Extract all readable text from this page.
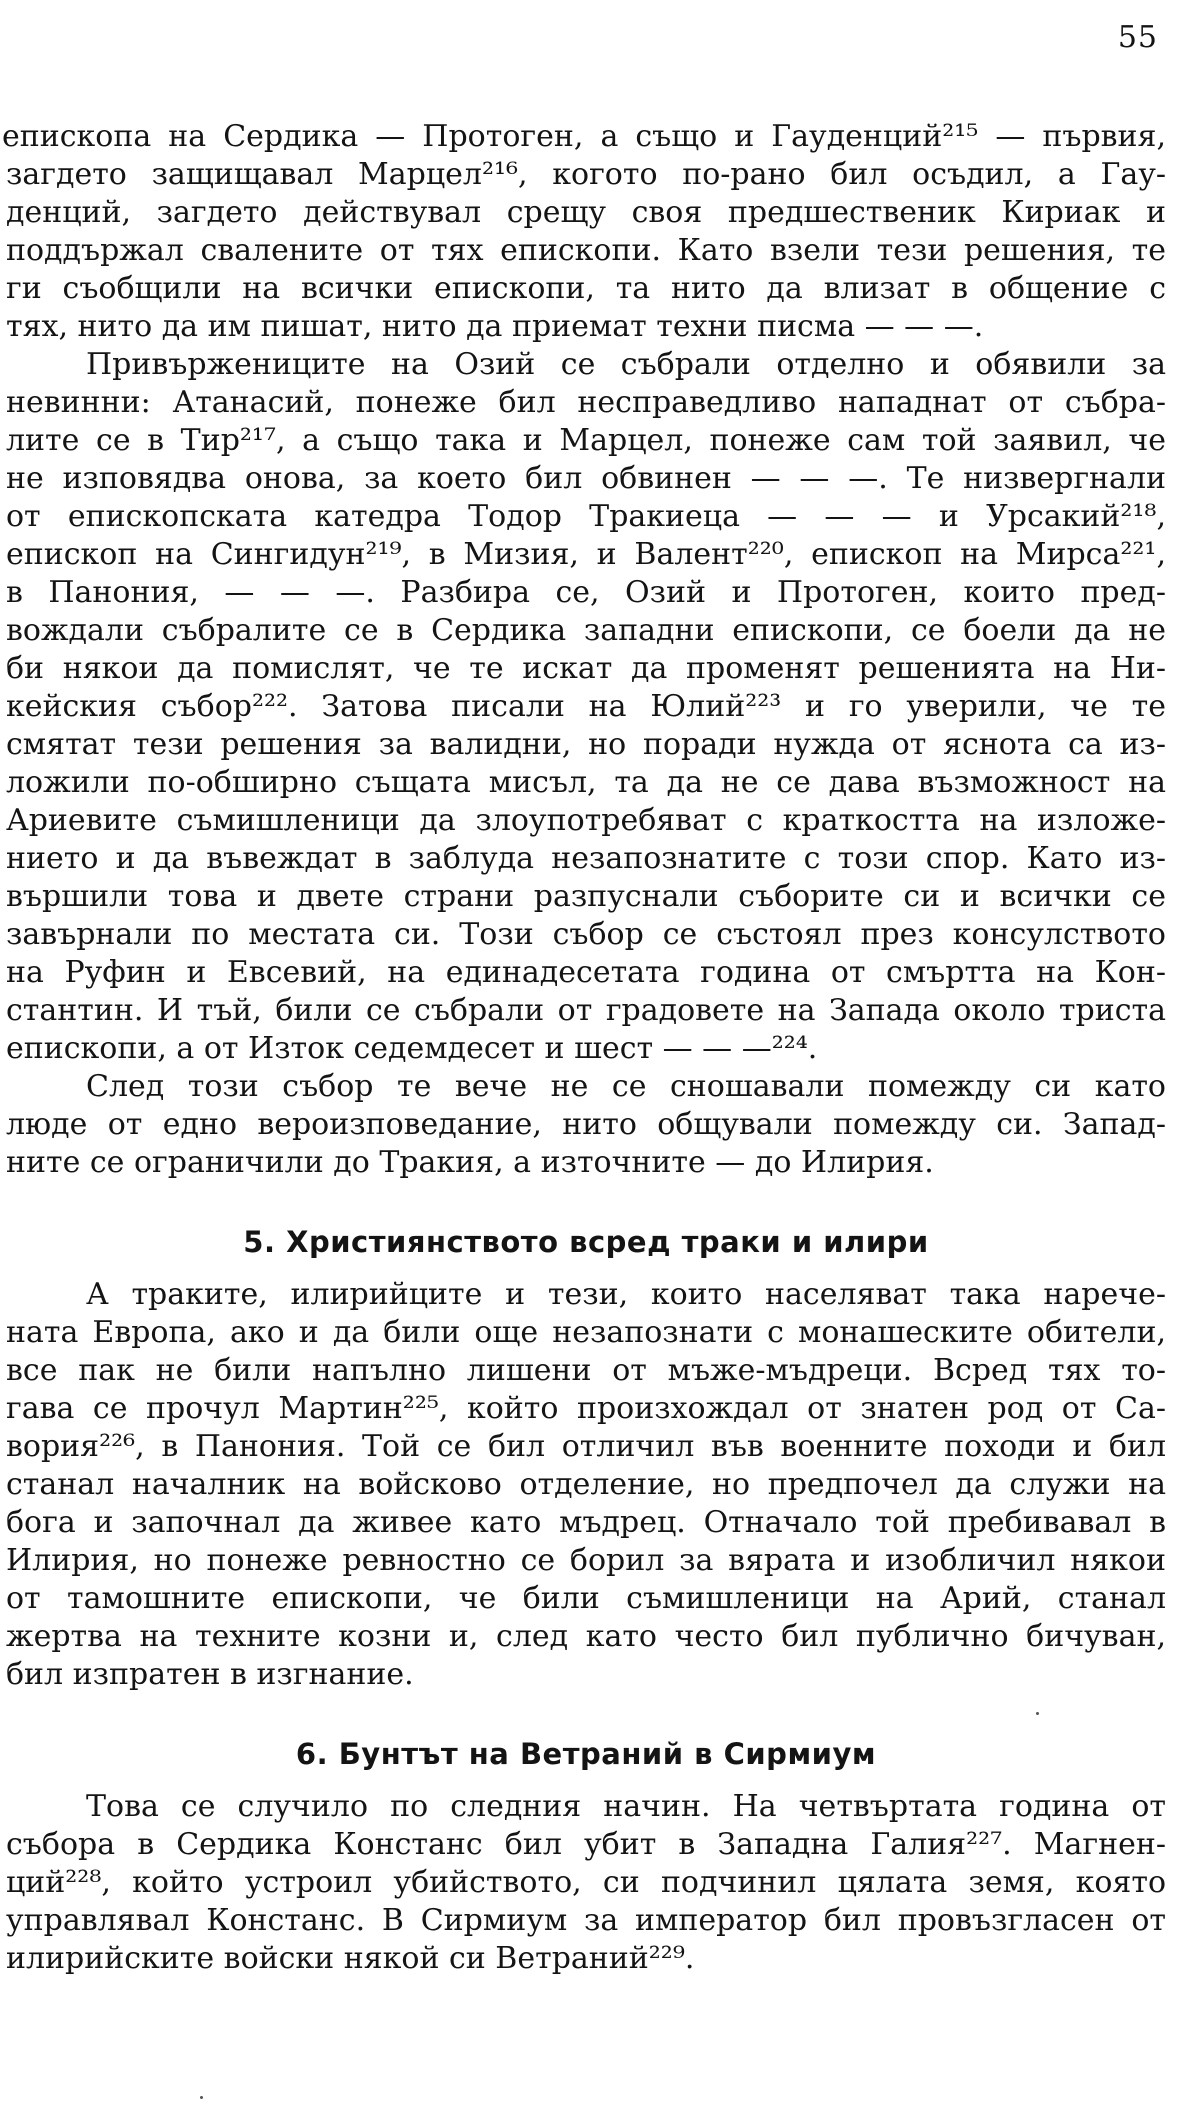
55
епископа на Сердика — Протоген, а също и Гауденций²¹⁵ — първия,
загдето защищавал Марцел²¹⁶, когото по-рано бил осъдил, а Гау-
денций, загдето действувал срещу своя предшественик Кириак и
поддържал сваленитe от тях епископи. Като взели тези решения, те
ги съобщили на всички епископи, та нито да влизат в общение с
тях, нито да им пишат, нито да приемат техни писма — — —.
Привържениците на Озий се събрали отделно и обявили за
невинни: Атанасий, понеже бил несправедливо нападнат от събра-
лите се в Тир²¹⁷, а също така и Марцел, понеже сам той заявил, че
не изповядва онова, за което бил обвинен — — —. Те низвергнали
от епископската катедра Тодор Тракиеца — — — и Урсакий²¹⁸,
епископ на Сингидун²¹⁹, в Мизия, и Валент²²⁰, епископ на Мирса²²¹,
в Панония, — — —. Разбира се, Озий и Протоген, които пред-
вождали събралите се в Сердика западни епископи, се боели да не
би някои да помислят, че те искат да променят решенията на Ни-
кейския събор²²². Затова писали на Юлий²²³ и го уверили, че те
смятат тези решения за валидни, но поради нужда от яснота са из-
ложили по-обширно същата мисъл, та да не се дава възможност на
Ариевите съмишленици да злоупотребяват с краткостта на изложе-
нието и да въвеждат в заблуда незапознатите с този спор. Като из-
вършили това и двете страни разпуснали съборите си и всички се
завърнали по местата си. Този събор се състоял през консулството
на Руфин и Евсевий, на единадесетата година от смъртта на Кон-
стантин. И тъй, били се събрали от градовете на Запада около триста
епископи, а от Изток седемдесет и шест — — —²²⁴.
След този събор те вече не се сношавали помежду си като
люде от едно вероизповедание, нито общували помежду си. Запад-
ните се ограничили до Тракия, а източните — до Илирия.
5. Християнството всред траки и илири
А траките, илирийците и тези, които населяват така нарече-
ната Европа, ако и да били още незапознати с монашеските обители,
все пак не били напълно лишени от мъже-мъдреци. Всред тях то-
гава се прочул Мартин²²⁵, който произхождал от знатен род от Са-
вория²²⁶, в Панония. Той се бил отличил във военните походи и бил
станал началник на войсково отделение, но предпочел да служи на
бога и започнал да живее като мъдрец. Отначало той пребивавал в
Илирия, но понеже ревностно се борил за вярата и изобличил някои
от тамошните епископи, че били съмишленици на Арий, станал
жертва на техните козни и, след като често бил публично бичуван,
бил изпратен в изгнание.
6. Бунтът на Ветраний в Сирмиум
Това се случило по следния начин. На четвъртата година от
събора в Сердика Констанс бил убит в Западна Галия²²⁷. Магнен-
ций²²⁸, който устроил убийството, си подчинил цялата земя, която
управлявал Констанс. В Сирмиум за император бил провъзгласен от
илирийските войски някой си Ветраний²²⁹.
